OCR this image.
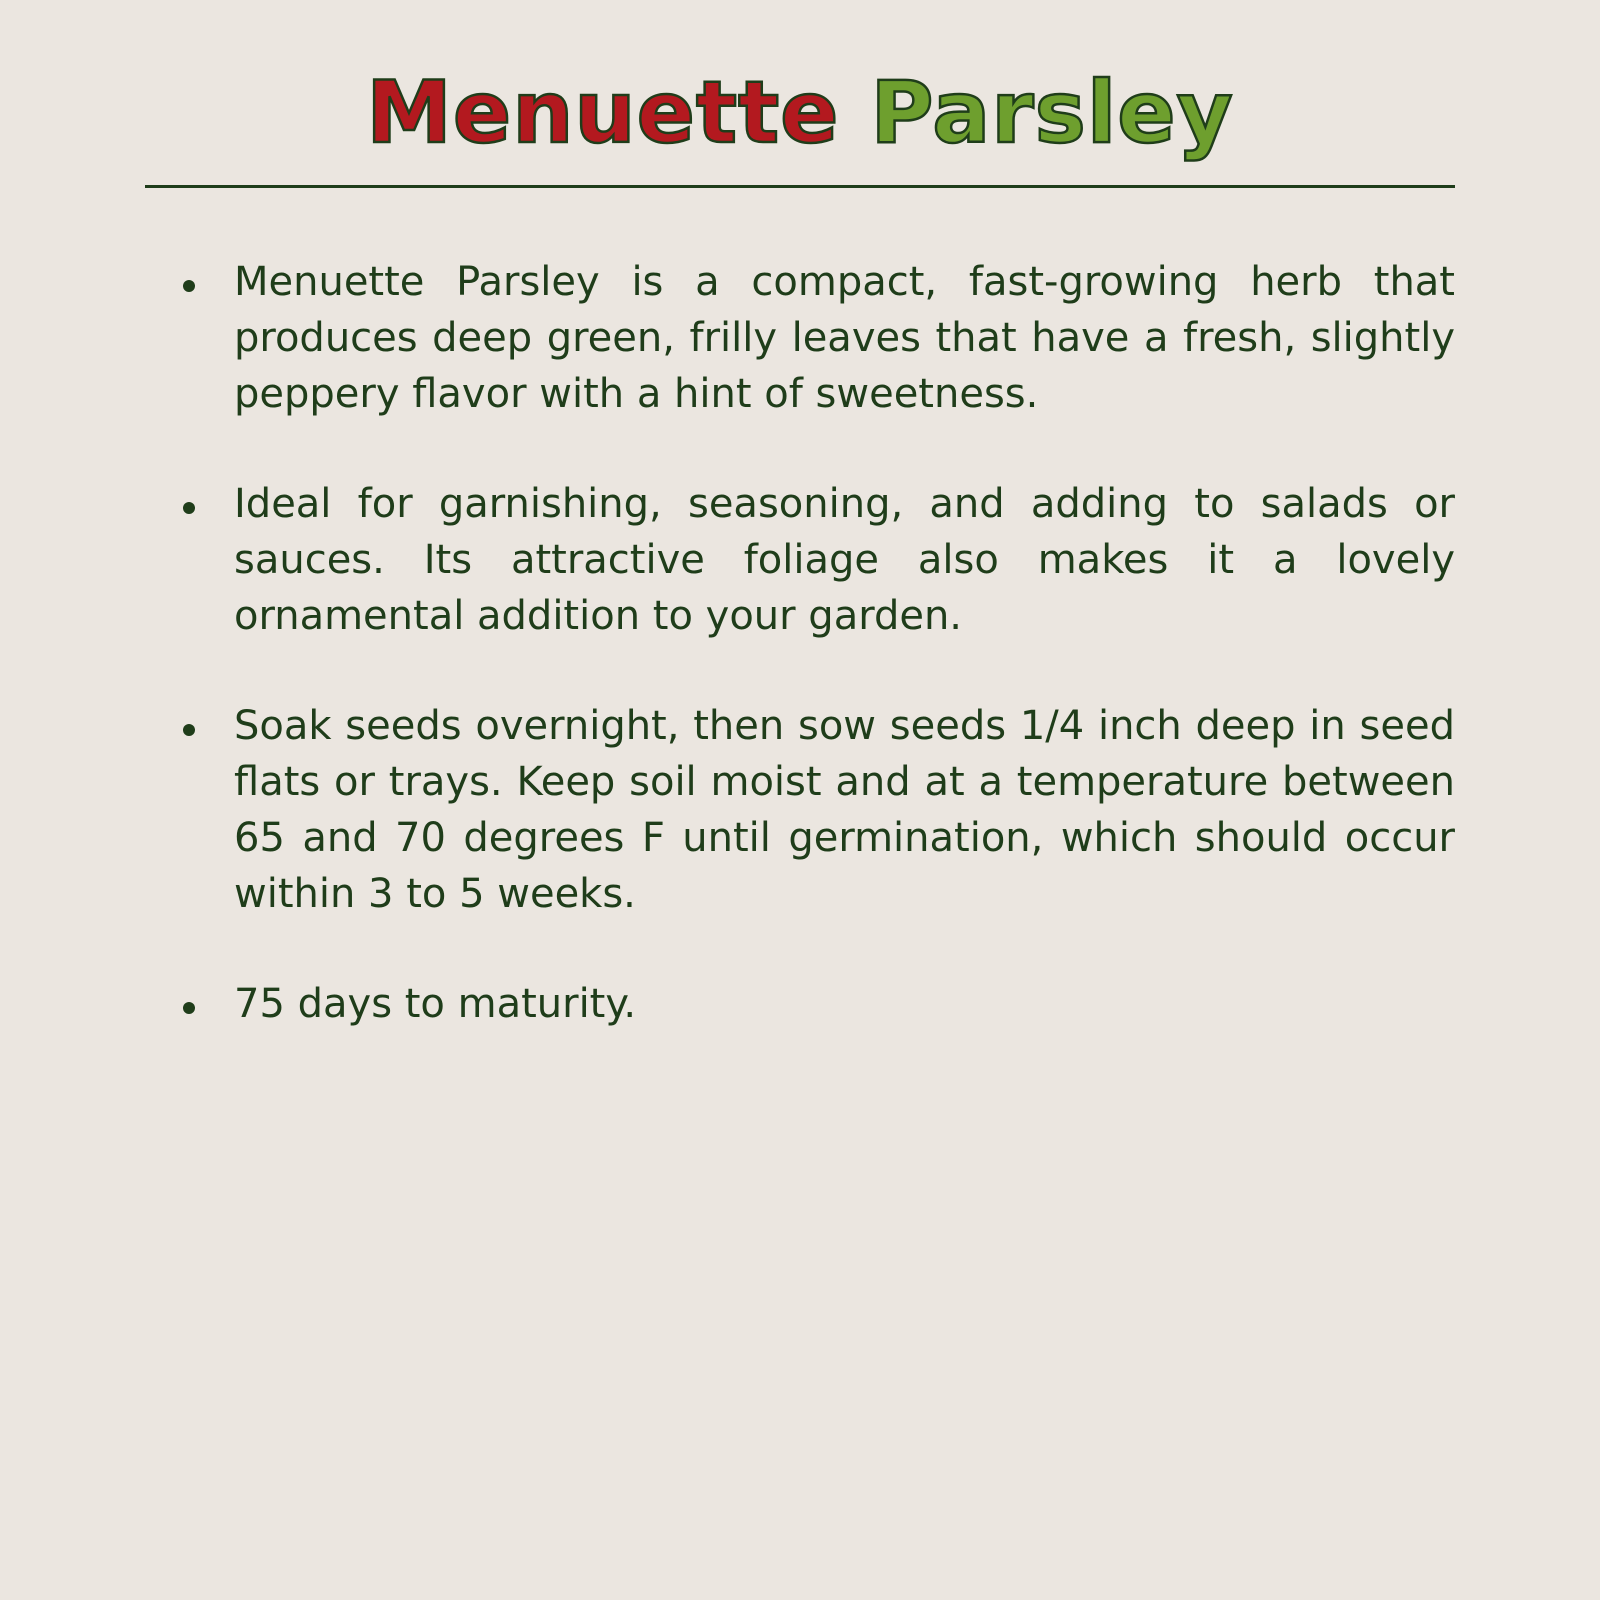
Menuette Parsley
Menuette Parsley is a compact, fast-growing herb that produces deep green, frilly leaves that have a fresh, slightly peppery flavor with a hint of sweetness.
Ideal for garnishing, seasoning, and adding to salads or sauces. Its attractive foliage also makes it a lovely ornamental addition to your garden.
Soak seeds overnight, then sow seeds 1/4 inch deep in seed flats or trays. Keep soil moist and at a temperature between 65 and 70 degrees F until germination, which should occur within 3 to 5 weeks.
75 days to maturity.
